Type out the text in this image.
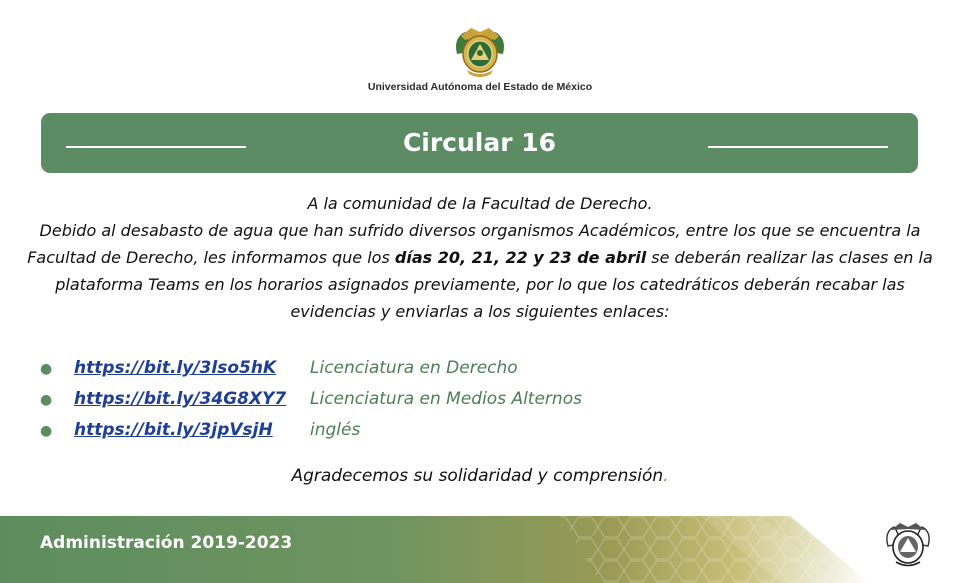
Universidad Autónoma del Estado de México
Circular 16
A la comunidad de la Facultad de Derecho.
Debido al desabasto de agua que han sufrido diversos organismos Académicos, entre los que se encuentra la Facultad de Derecho, les informamos que los días 20, 21, 22 y 23 de abril se deberán realizar las clases en la plataforma Teams en los horarios asignados previamente, por lo que los catedráticos deberán recabar las evidencias y enviarlas a los siguientes enlaces:
● https://bit.ly/3lso5hK Licenciatura en Derecho
● https://bit.ly/34G8XY7 Licenciatura en Medios Alternos
● https://bit.ly/3jpVsjH inglés
Agradecemos su solidaridad y comprensión.
Administración 2019-2023
